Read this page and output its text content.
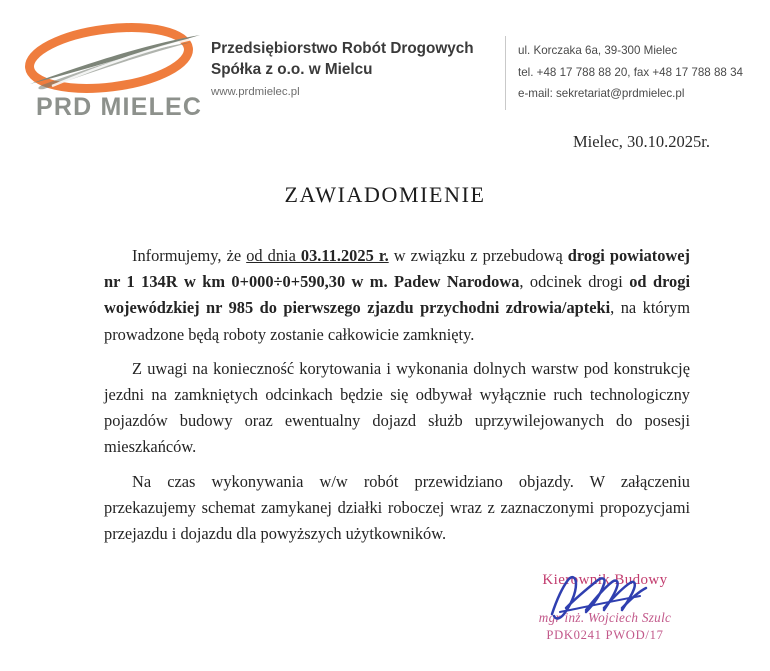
PRD MIELEC
Przedsiębiorstwo Robót Drogowych
Spółka z o.o. w Mielcu
www.prdmielec.pl
ul. Korczaka 6a, 39-300 Mielec
tel. +48 17 788 88 20, fax +48 17 788 88 34
e-mail: sekretariat@prdmielec.pl
Mielec, 30.10.2025r.
ZAWIADOMIENIE

Informujemy, że od dnia 03.11.2025 r. w związku z przebudową drogi powiatowej nr 1 134R w km 0+000÷0+590,30 w m. Padew Narodowa, odcinek drogi od drogi wojewódzkiej nr 985 do pierwszego zjazdu przychodni zdrowia/apteki, na którym prowadzone będą roboty zostanie całkowicie zamknięty.

Z uwagi na konieczność korytowania i wykonania dolnych warstw pod konstrukcję jezdni na zamkniętych odcinkach będzie się odbywał wyłącznie ruch technologiczny pojazdów budowy oraz ewentualny dojazd służb uprzywilejowanych do posesji mieszkańców.

Na czas wykonywania w/w robót przewidziano objazdy. W załączeniu przekazujemy schemat zamykanej działki roboczej wraz z zaznaczonymi propozycjami przejazdu i dojazdu dla powyższych użytkowników.

Kierownik Budowy
mgr inż. Wojciech Szulc
PDK0241 PWOD/17
